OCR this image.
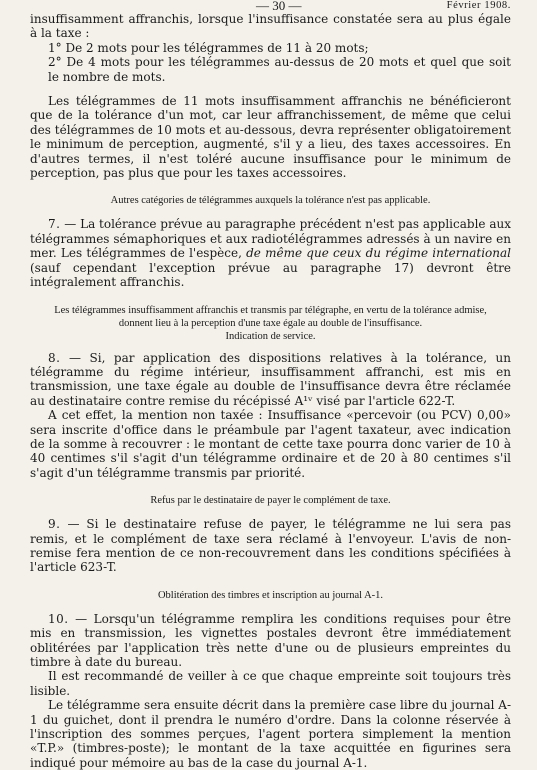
— 30 —	Février 1908.

insuffisamment affranchis, lorsque l'insuffisance constatée sera au plus égale à la taxe :

1° De 2 mots pour les télégrammes de 11 à 20 mots;

2° De 4 mots pour les télégrammes au-dessus de 20 mots et quel que soit le nombre de mots.

Les télégrammes de 11 mots insuffisamment affranchis ne bénéficieront que de la tolérance d'un mot, car leur affranchissement, de même que celui des télégrammes de 10 mots et au-dessous, devra représenter obligatoirement le minimum de perception, augmenté, s'il y a lieu, des taxes accessoires. En d'autres termes, il n'est toléré aucune insuffisance pour le minimum de perception, pas plus que pour les taxes accessoires.

Autres catégories de télégrammes auxquels la tolérance n'est pas applicable.

7. — La tolérance prévue au paragraphe précédent n'est pas applicable aux télégrammes sémaphoriques et aux radiotélégrammes adressés à un navire en mer. Les télégrammes de l'espèce, de même que ceux du régime international (sauf cependant l'exception prévue au paragraphe 17) devront être intégralement affranchis.

Les télégrammes insuffisamment affranchis et transmis par télégraphe, en vertu de la tolérance admise, donnent lieu à la perception d'une taxe égale au double de l'insuffisance.
Indication de service.

8. — Si, par application des dispositions relatives à la tolérance, un télégramme du régime intérieur, insuffisamment affranchi, est mis en transmission, une taxe égale au double de l'insuffisance devra être réclamée au destinataire contre remise du récépissé A¹ᵛ visé par l'article 622-T.

A cet effet, la mention non taxée : Insuffisance «percevoir (ou PCV) 0,00» sera inscrite d'office dans le préambule par l'agent taxateur, avec indication de la somme à recouvrer : le montant de cette taxe pourra donc varier de 10 à 40 centimes s'il s'agit d'un télégramme ordinaire et de 20 à 80 centimes s'il s'agit d'un télégramme transmis par priorité.

Refus par le destinataire de payer le complément de taxe.

9. — Si le destinataire refuse de payer, le télégramme ne lui sera pas remis, et le complément de taxe sera réclamé à l'envoyeur. L'avis de non-remise fera mention de ce non-recouvrement dans les conditions spécifiées à l'article 623-T.

Oblitération des timbres et inscription au journal A-1.

10. — Lorsqu'un télégramme remplira les conditions requises pour être mis en transmission, les vignettes postales devront être immédiatement oblitérées par l'application très nette d'une ou de plusieurs empreintes du timbre à date du bureau.

Il est recommandé de veiller à ce que chaque empreinte soit toujours très lisible.

Le télégramme sera ensuite décrit dans la première case libre du journal A-1 du guichet, dont il prendra le numéro d'ordre. Dans la colonne réservée à l'inscription des sommes perçues, l'agent portera simplement la mention «T.P.» (timbres-poste); le montant de la taxe acquittée en figurines sera indiqué pour mémoire au bas de la case du journal A-1.
